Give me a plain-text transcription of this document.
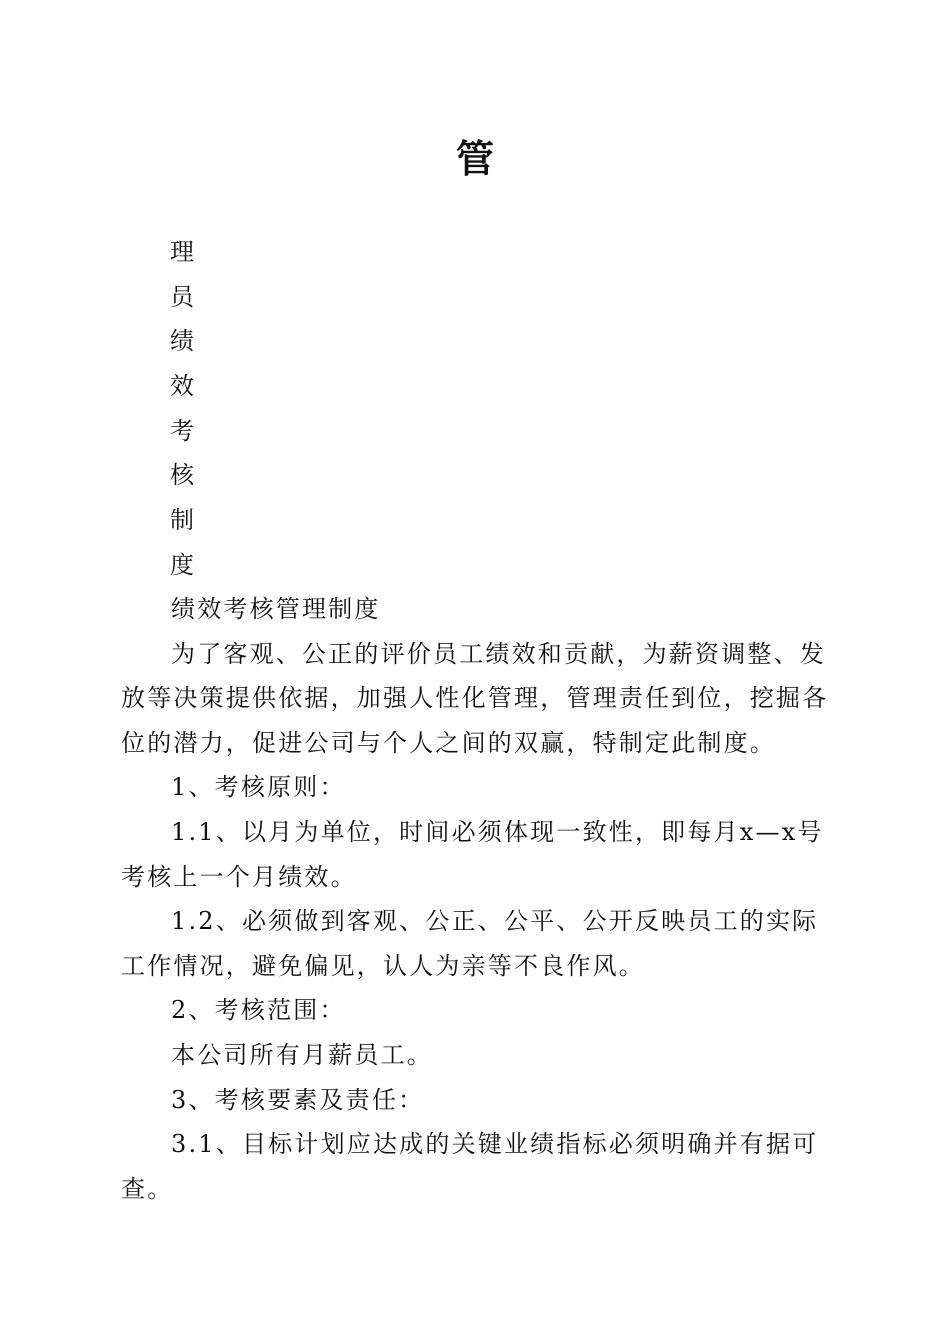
管
理
员
绩
效
考
核
制
度

绩效考核管理制度

为了客观、公正的评价员工绩效和贡献，为薪资调整、发放等决策提供依据，加强人性化管理，管理责任到位，挖掘各位的潜力，促进公司与个人之间的双赢，特制定此制度。

1、考核原则：

1.1、以月为单位，时间必须体现一致性，即每月x—x号考核上一个月绩效。

1.2、必须做到客观、公正、公平、公开反映员工的实际工作情况，避免偏见，认人为亲等不良作风。

2、考核范围：

本公司所有月薪员工。

3、考核要素及责任：

3.1、目标计划应达成的关键业绩指标必须明确并有据可查。
